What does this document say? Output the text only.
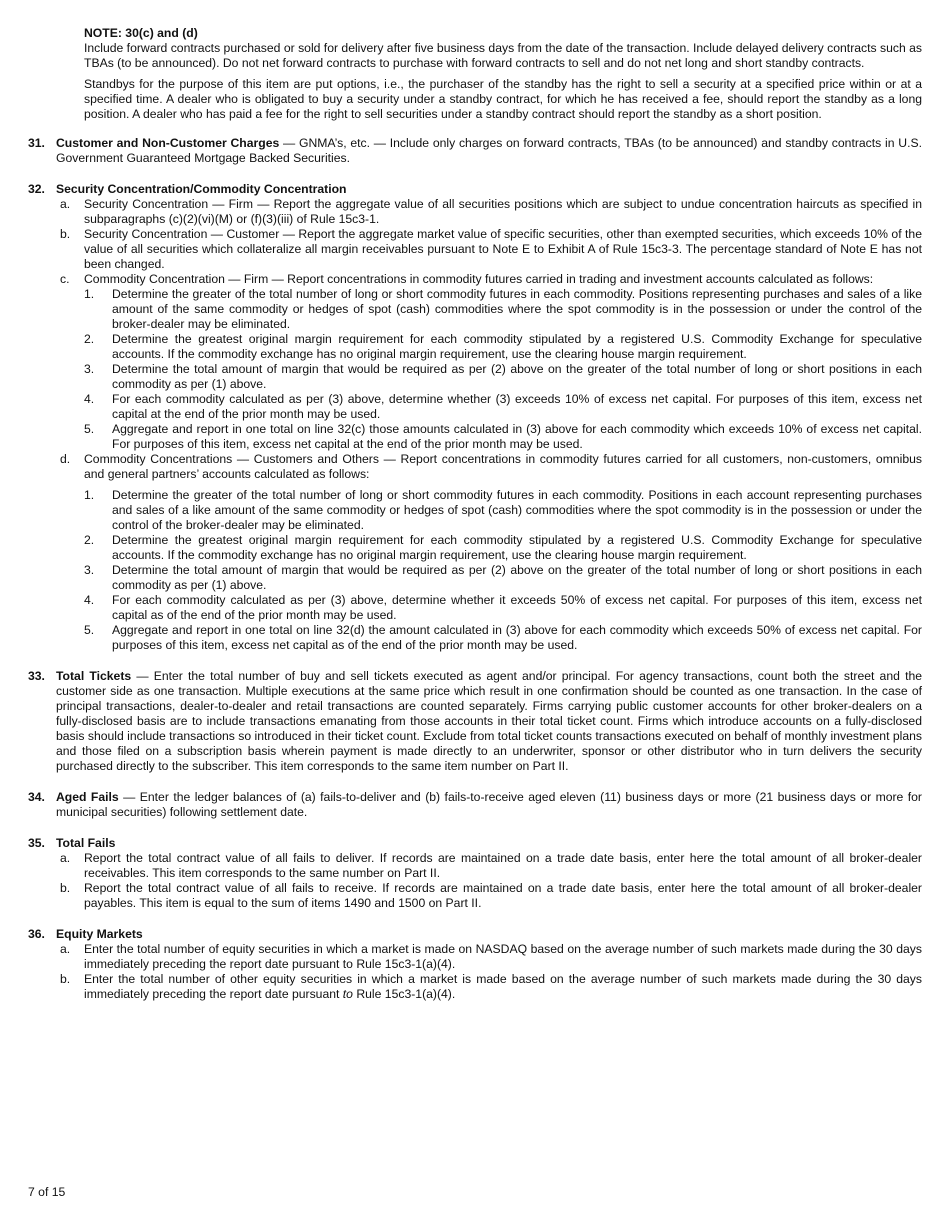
NOTE: 30(c) and (d)

Include forward contracts purchased or sold for delivery after five business days from the date of the transaction. Include delayed delivery contracts such as TBAs (to be announced). Do not net forward contracts to purchase with forward contracts to sell and do not net long and short standby contracts.

Standbys for the purpose of this item are put options, i.e., the purchaser of the standby has the right to sell a security at a specified price within or at a specified time. A dealer who is obligated to buy a security under a standby contract, for which he has received a fee, should report the standby as a long position. A dealer who has paid a fee for the right to sell securities under a standby contract should report the standby as a short position.

31. Customer and Non-Customer Charges — GNMA’s, etc. — Include only charges on forward contracts, TBAs (to be announced) and standby contracts in U.S. Government Guaranteed Mortgage Backed Securities.

32. Security Concentration/Commodity Concentration

a. Security Concentration — Firm — Report the aggregate value of all securities positions which are subject to undue concentration haircuts as specified in subparagraphs (c)(2)(vi)(M) or (f)(3)(iii) of Rule 15c3-1.

b. Security Concentration — Customer — Report the aggregate market value of specific securities, other than exempted securities, which exceeds 10% of the value of all securities which collateralize all margin receivables pursuant to Note E to Exhibit A of Rule 15c3-3. The percentage standard of Note E has not been changed.

c. Commodity Concentration — Firm — Report concentrations in commodity futures carried in trading and investment accounts calculated as follows:

1. Determine the greater of the total number of long or short commodity futures in each commodity. Positions representing purchases and sales of a like amount of the same commodity or hedges of spot (cash) commodities where the spot commodity is in the possession or under the control of the broker-dealer may be eliminated.

2. Determine the greatest original margin requirement for each commodity stipulated by a registered U.S. Commodity Exchange for speculative accounts. If the commodity exchange has no original margin requirement, use the clearing house margin requirement.

3. Determine the total amount of margin that would be required as per (2) above on the greater of the total number of long or short positions in each commodity as per (1) above.

4. For each commodity calculated as per (3) above, determine whether (3) exceeds 10% of excess net capital. For purposes of this item, excess net capital at the end of the prior month may be used.

5. Aggregate and report in one total on line 32(c) those amounts calculated in (3) above for each commodity which exceeds 10% of excess net capital. For purposes of this item, excess net capital at the end of the prior month may be used.

d. Commodity Concentrations — Customers and Others — Report concentrations in commodity futures carried for all customers, non-customers, omnibus and general partners’ accounts calculated as follows:

1. Determine the greater of the total number of long or short commodity futures in each commodity. Positions in each account representing purchases and sales of a like amount of the same commodity or hedges of spot (cash) commodities where the spot commodity is in the possession or under the control of the broker-dealer may be eliminated.

2. Determine the greatest original margin requirement for each commodity stipulated by a registered U.S. Commodity Exchange for speculative accounts. If the commodity exchange has no original margin requirement, use the clearing house margin requirement.

3. Determine the total amount of margin that would be required as per (2) above on the greater of the total number of long or short positions in each commodity as per (1) above.

4. For each commodity calculated as per (3) above, determine whether it exceeds 50% of excess net capital. For purposes of this item, excess net capital as of the end of the prior month may be used.

5. Aggregate and report in one total on line 32(d) the amount calculated in (3) above for each commodity which exceeds 50% of excess net capital. For purposes of this item, excess net capital as of the end of the prior month may be used.

33. Total Tickets — Enter the total number of buy and sell tickets executed as agent and/or principal. For agency transactions, count both the street and the customer side as one transaction. Multiple executions at the same price which result in one confirmation should be counted as one transaction. In the case of principal transactions, dealer-to-dealer and retail transactions are counted separately. Firms carrying public customer accounts for other broker-dealers on a fully-disclosed basis are to include transactions emanating from those accounts in their total ticket count. Firms which introduce accounts on a fully-disclosed basis should include transactions so introduced in their ticket count. Exclude from total ticket counts transactions executed on behalf of monthly investment plans and those filed on a subscription basis wherein payment is made directly to an underwriter, sponsor or other distributor who in turn delivers the security purchased directly to the subscriber. This item corresponds to the same item number on Part II.

34. Aged Fails — Enter the ledger balances of (a) fails-to-deliver and (b) fails-to-receive aged eleven (11) business days or more (21 business days or more for municipal securities) following settlement date.

35. Total Fails

a. Report the total contract value of all fails to deliver. If records are maintained on a trade date basis, enter here the total amount of all broker-dealer receivables. This item corresponds to the same number on Part II.

b. Report the total contract value of all fails to receive. If records are maintained on a trade date basis, enter here the total amount of all broker-dealer payables. This item is equal to the sum of items 1490 and 1500 on Part II.

36. Equity Markets

a. Enter the total number of equity securities in which a market is made on NASDAQ based on the average number of such markets made during the 30 days immediately preceding the report date pursuant to Rule 15c3-1(a)(4).

b. Enter the total number of other equity securities in which a market is made based on the average number of such markets made during the 30 days immediately preceding the report date pursuant to Rule 15c3-1(a)(4).

7 of 15
